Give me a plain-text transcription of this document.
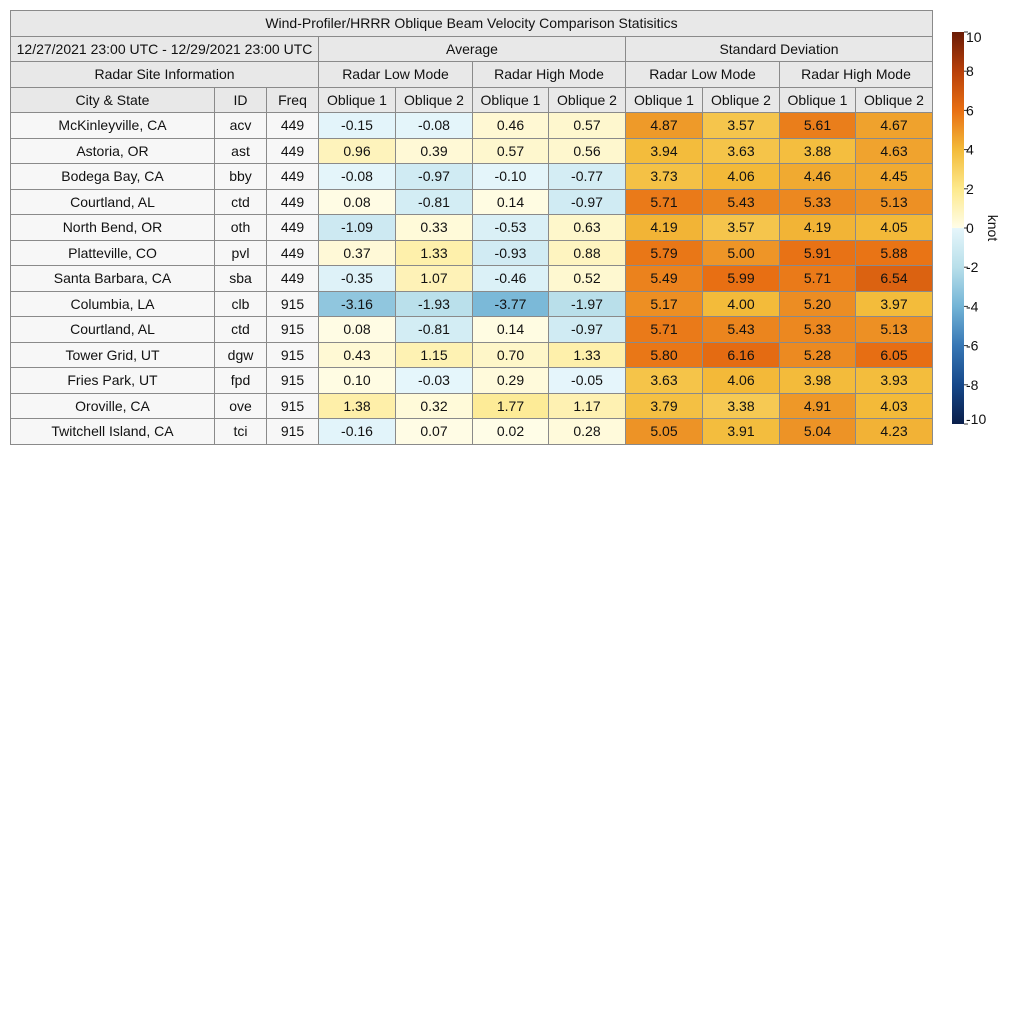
Wind-Profiler/HRRR Oblique Beam Velocity Comparison Statisitics										
12/27/2021 23:00 UTC - 12/29/2021 23:00 UTC			Average				Standard Deviation			
Radar Site Information			Radar Low Mode		Radar High Mode		Radar Low Mode		Radar High Mode	
City & State	ID	Freq	Oblique 1	Oblique 2	Oblique 1	Oblique 2	Oblique 1	Oblique 2	Oblique 1	Oblique 2
McKinleyville, CA	acv	449	-0.15	-0.08	0.46	0.57	4.87	3.57	5.61	4.67
Astoria, OR	ast	449	0.96	0.39	0.57	0.56	3.94	3.63	3.88	4.63
Bodega Bay, CA	bby	449	-0.08	-0.97	-0.10	-0.77	3.73	4.06	4.46	4.45
Courtland, AL	ctd	449	0.08	-0.81	0.14	-0.97	5.71	5.43	5.33	5.13
North Bend, OR	oth	449	-1.09	0.33	-0.53	0.63	4.19	3.57	4.19	4.05
Platteville, CO	pvl	449	0.37	1.33	-0.93	0.88	5.79	5.00	5.91	5.88
Santa Barbara, CA	sba	449	-0.35	1.07	-0.46	0.52	5.49	5.99	5.71	6.54
Columbia, LA	clb	915	-3.16	-1.93	-3.77	-1.97	5.17	4.00	5.20	3.97
Courtland, AL	ctd	915	0.08	-0.81	0.14	-0.97	5.71	5.43	5.33	5.13
Tower Grid, UT	dgw	915	0.43	1.15	0.70	1.33	5.80	6.16	5.28	6.05
Fries Park, UT	fpd	915	0.10	-0.03	0.29	-0.05	3.63	4.06	3.98	3.93
Oroville, CA	ove	915	1.38	0.32	1.77	1.17	3.79	3.38	4.91	4.03
Twitchell Island, CA	tci	915	-0.16	0.07	0.02	0.28	5.05	3.91	5.04	4.23
10
8
6
4
2
0
-2
-4
-6
-8
-10
knot
